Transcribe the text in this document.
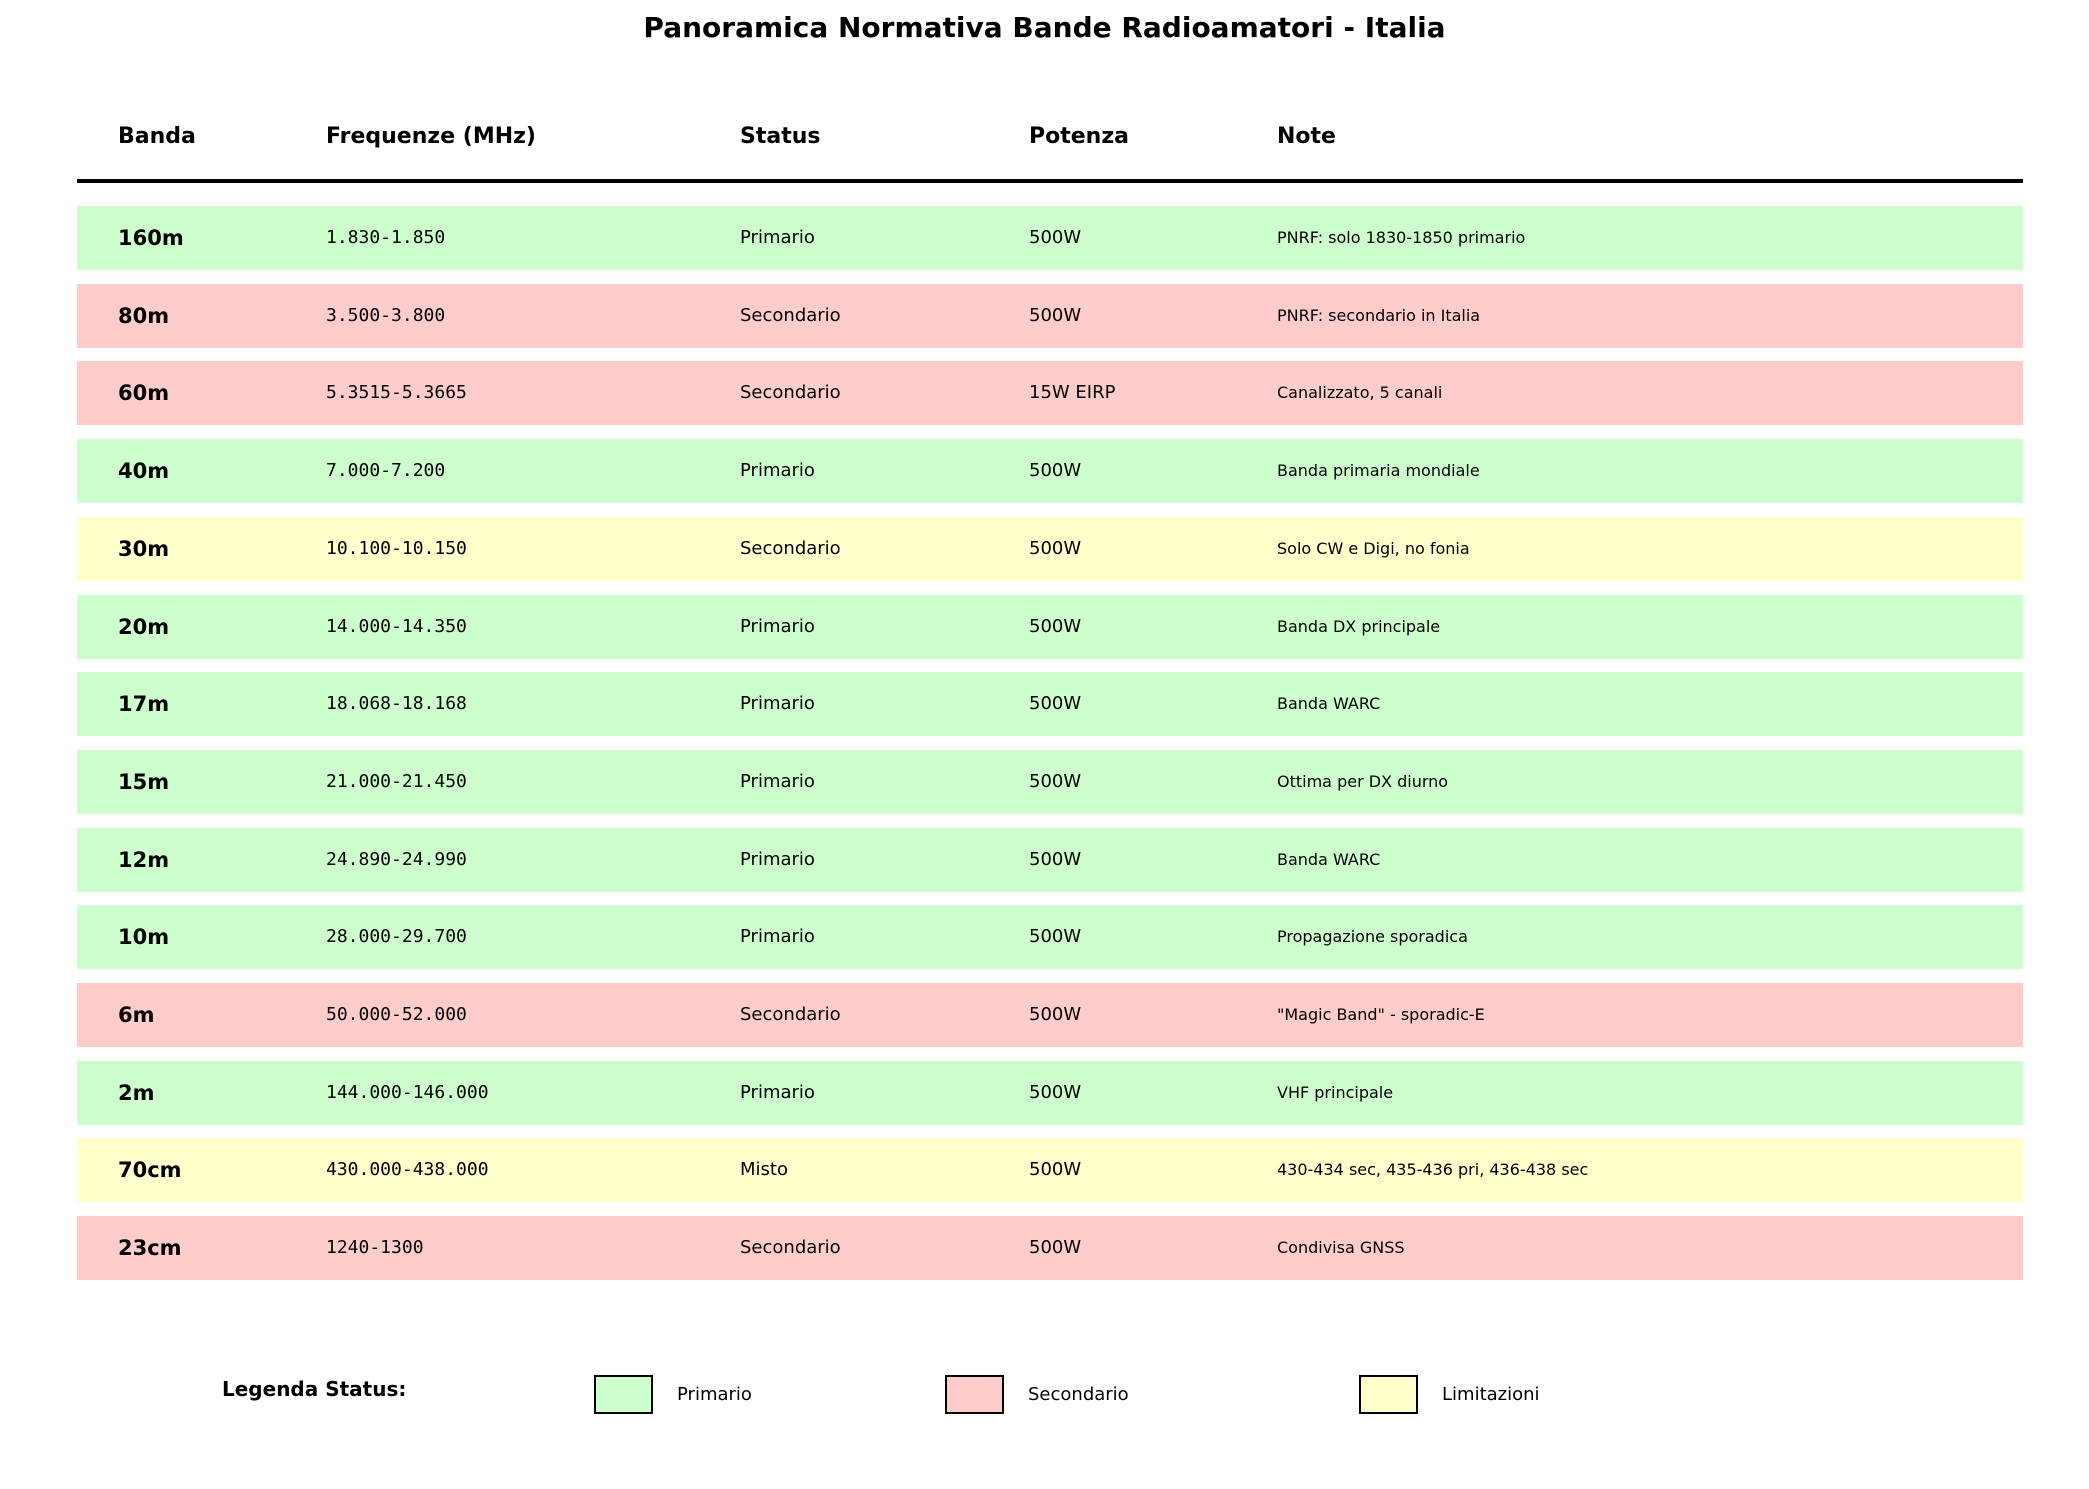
Panoramica Normativa Bande Radioamatori - Italia
Banda	Frequenze (MHz)	Status	Potenza	Note
160m	1.830-1.850	Primario	500W	PNRF: solo 1830-1850 primario
80m	3.500-3.800	Secondario	500W	PNRF: secondario in Italia
60m	5.3515-5.3665	Secondario	15W EIRP	Canalizzato, 5 canali
40m	7.000-7.200	Primario	500W	Banda primaria mondiale
30m	10.100-10.150	Secondario	500W	Solo CW e Digi, no fonia
20m	14.000-14.350	Primario	500W	Banda DX principale
17m	18.068-18.168	Primario	500W	Banda WARC
15m	21.000-21.450	Primario	500W	Ottima per DX diurno
12m	24.890-24.990	Primario	500W	Banda WARC
10m	28.000-29.700	Primario	500W	Propagazione sporadica
6m	50.000-52.000	Secondario	500W	"Magic Band" - sporadic-E
2m	144.000-146.000	Primario	500W	VHF principale
70cm	430.000-438.000	Misto	500W	430-434 sec, 435-436 pri, 436-438 sec
23cm	1240-1300	Secondario	500W	Condivisa GNSS
Legenda Status:	Primario	Secondario	Limitazioni
